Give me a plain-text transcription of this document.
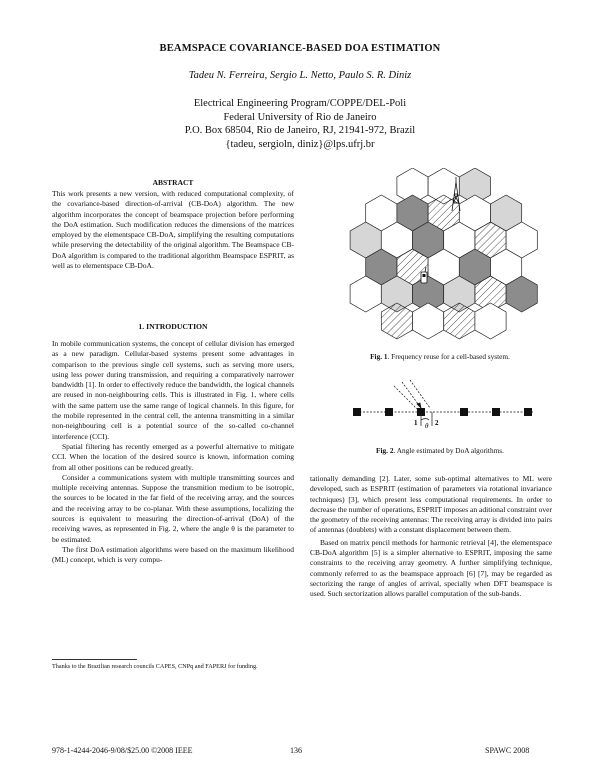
BEAMSPACE COVARIANCE-BASED DOA ESTIMATION
Tadeu N. Ferreira, Sergio L. Netto, Paulo S. R. Diniz
Electrical Engineering Program/COPPE/DEL-Poli
Federal University of Rio de Janeiro
P.O. Box 68504, Rio de Janeiro, RJ, 21941-972, Brazil
{tadeu, sergioln, diniz}@lps.ufrj.br
ABSTRACT

This work presents a new version, with reduced computational complexity, of the covariance-based direction-of-arrival (CB-DoA) algorithm. The new algorithm incorporates the concept of beamspace projection before performing the DoA estimation. Such modification reduces the dimensions of the matrices employed by the elementspace CB-DoA, simplifying the resulting computations while preserving the detectability of the original algorithm. The Beamspace CB-DoA algorithm is compared to the traditional algorithm Beamspace ESPRIT, as well as to elementspace CB-DoA.

1. INTRODUCTION

In mobile communication systems, the concept of cellular division has emerged as a new paradigm. Cellular-based systems present some advantages in comparison to the previous single cell systems, such as serving more users, using less power during transmission, and requiring a comparatively narrower bandwidth [1]. In order to effectively reduce the bandwidth, the logical channels are reused in non-neighbouring cells. This is illustrated in Fig. 1, where cells with the same pattern use the same range of logical channels. In this figure, for the mobile represented in the central cell, the antenna transmitting in a similar non-neighbouring cell is a potential source of the so-called co-channel interference (CCI).

Spatial filtering has recently emerged as a powerful alternative to mitigate CCI. When the location of the desired source is known, information coming from all other positions can be reduced greatly.

Consider a communications system with multiple transmitting sources and multiple receiving antennas. Suppose the transmition medium to be isotropic, the sources to be located in the far field of the receiving array, and the sources and the receiving array to be co-planar. With these assumptions, localizing the sources is equivalent to measuring the direction-of-arrival (DoA) of the receiving waves, as represented in Fig. 2, where the angle θ is the parameter to be estimated.

The first DoA estimation algorithms were based on the maximum likelihood (ML) concept, which is very compu-

Thanks to the Brazilian research councils CAPES, CNPq and FAPERJ for funding.
Fig. 1. Frequency reuse for a cell-based system.
1 θ 2
Fig. 2. Angle estimated by DoA algorithms.

tationally demanding [2]. Later, some sub-optimal alternatives to ML were developed, such as ESPRIT (estimation of parameters via rotational invariance techniques) [3], which present less computational requirements. In order to decrease the number of operations, ESPRIT imposes an aditional constraint over the geometry of the receiving antennas: The receiving array is divided into pairs of antennas (doublets) with a constant displacement between them.

Based on matrix pencil methods for harmonic retrieval [4], the elementspace CB-DoA algorithm [5] is a simpler alternative to ESPRIT, imposing the same constraints to the receiving array geometry. A further simplifying technique, commonly referred to as the beamspace approach [6] [7], may be regarded as sectorizing the range of angles of arrival, specially when DFT beamspace is used. Such sectorization allows parallel computation of the sub-bands.

978-1-4244-2046-9/08/$25.00 ©2008 IEEE	136	SPAWC 2008
